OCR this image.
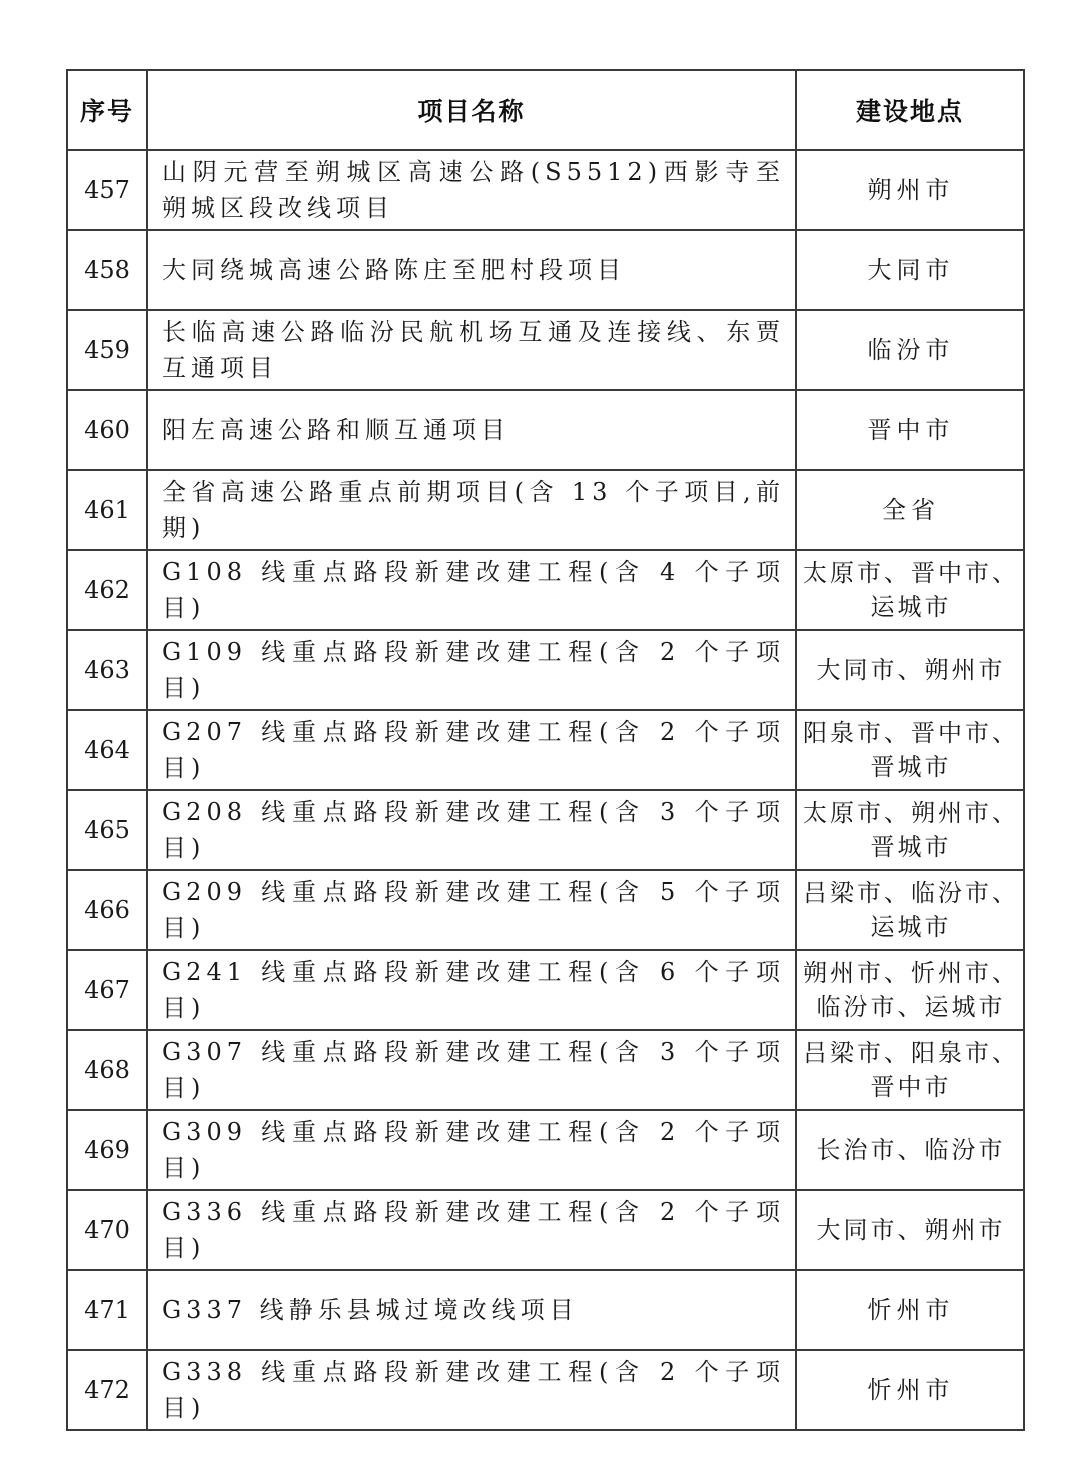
序号	项目名称	建设地点
457	山阴元营至朔城区高速公路(S5512)西影寺至朔城区段改线项目	朔州市
458	大同绕城高速公路陈庄至肥村段项目	大同市
459	长临高速公路临汾民航机场互通及连接线、东贾互通项目	临汾市
460	阳左高速公路和顺互通项目	晋中市
461	全省高速公路重点前期项目(含 13 个子项目,前期)	全省
462	G108 线重点路段新建改建工程(含 4 个子项目)	太原市、晋中市、运城市
463	G109 线重点路段新建改建工程(含 2 个子项目)	大同市、朔州市
464	G207 线重点路段新建改建工程(含 2 个子项目)	阳泉市、晋中市、晋城市
465	G208 线重点路段新建改建工程(含 3 个子项目)	太原市、朔州市、晋城市
466	G209 线重点路段新建改建工程(含 5 个子项目)	吕梁市、临汾市、运城市
467	G241 线重点路段新建改建工程(含 6 个子项目)	朔州市、忻州市、临汾市、运城市
468	G307 线重点路段新建改建工程(含 3 个子项目)	吕梁市、阳泉市、晋中市
469	G309 线重点路段新建改建工程(含 2 个子项目)	长治市、临汾市
470	G336 线重点路段新建改建工程(含 2 个子项目)	大同市、朔州市
471	G337 线静乐县城过境改线项目	忻州市
472	G338 线重点路段新建改建工程(含 2 个子项目)	忻州市
